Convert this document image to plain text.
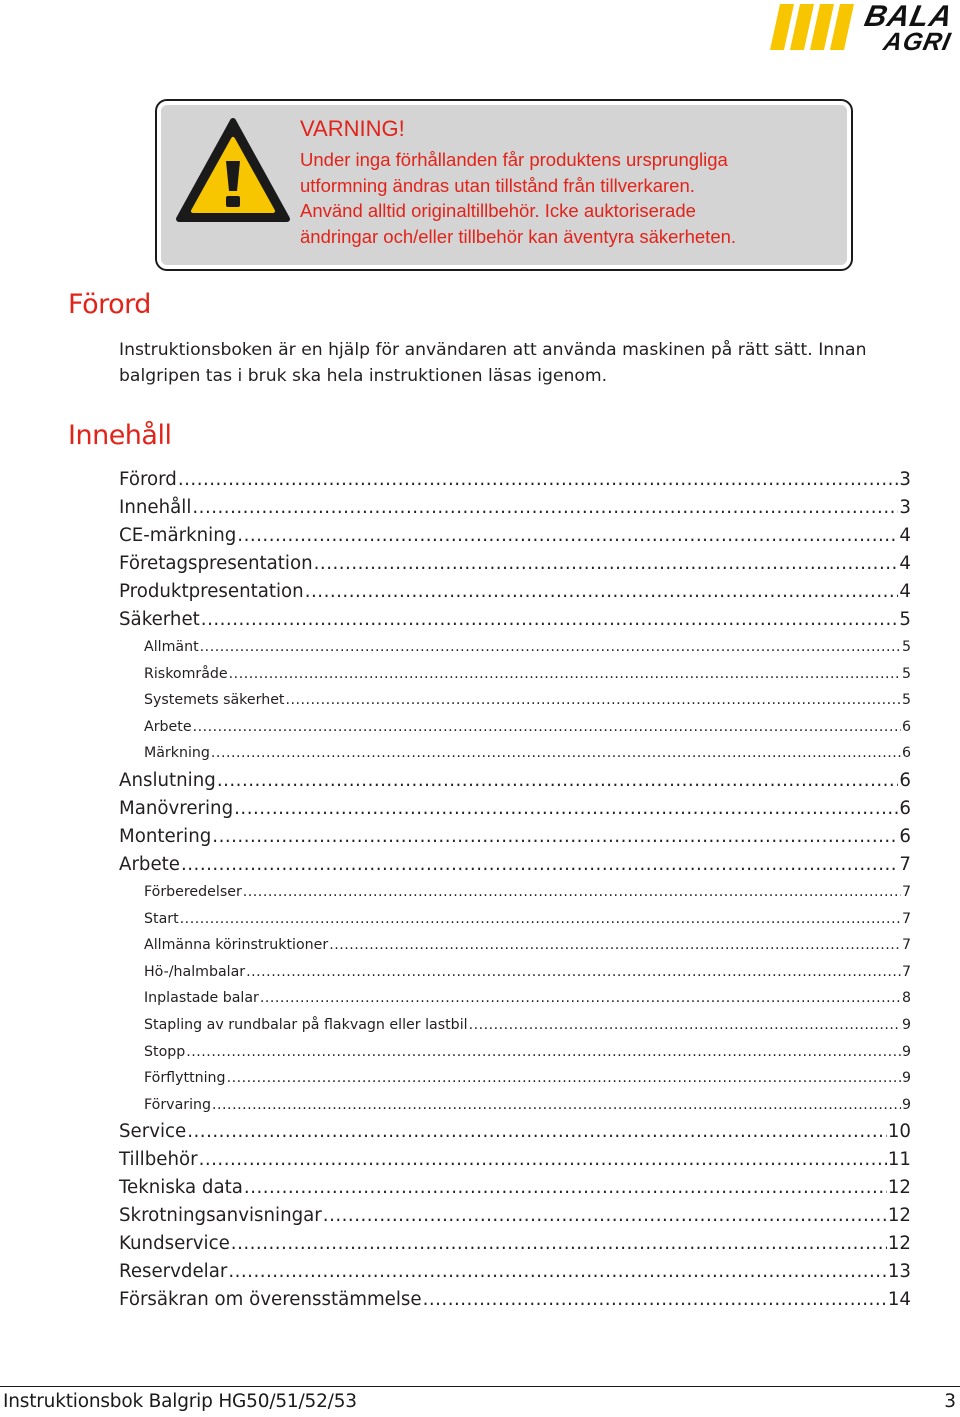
BALA
AGRI
VARNING!
Under inga förhållanden får produktens ursprungliga
utformning ändras utan tillstånd från tillverkaren.
Använd alltid originaltillbehör. Icke auktoriserade
ändringar och/eller tillbehör kan äventyra säkerheten.
Förord

Instruktionsboken är en hjälp för användaren att använda maskinen på rätt sätt. Innan balgripen tas i bruk ska hela instruktionen läsas igenom.

Innehåll
Förord .....	3
Innehåll .....	3
CE-märkning .....	4
Företagspresentation .....	4
Produktpresentation .....	4
Säkerhet .....	5
Allmänt .....	5
Riskområde .....	5
Systemets säkerhet .....	5
Arbete .....	6
Märkning .....	6
Anslutning .....	6
Manövrering .....	6
Montering .....	6
Arbete .....	7
Förberedelser .....	7
Start .....	7
Allmänna körinstruktioner .....	7
Hö-/halmbalar .....	7
Inplastade balar .....	8
Stapling av rundbalar på flakvagn eller lastbil .....	9
Stopp .....	9
Förflyttning .....	9
Förvaring .....	9
Service .....	10
Tillbehör .....	11
Tekniska data .....	12
Skrotningsanvisningar .....	12
Kundservice .....	12
Reservdelar .....	13
Försäkran om överensstämmelse .....	14
Instruktionsbok Balgrip HG50/51/52/53	3
